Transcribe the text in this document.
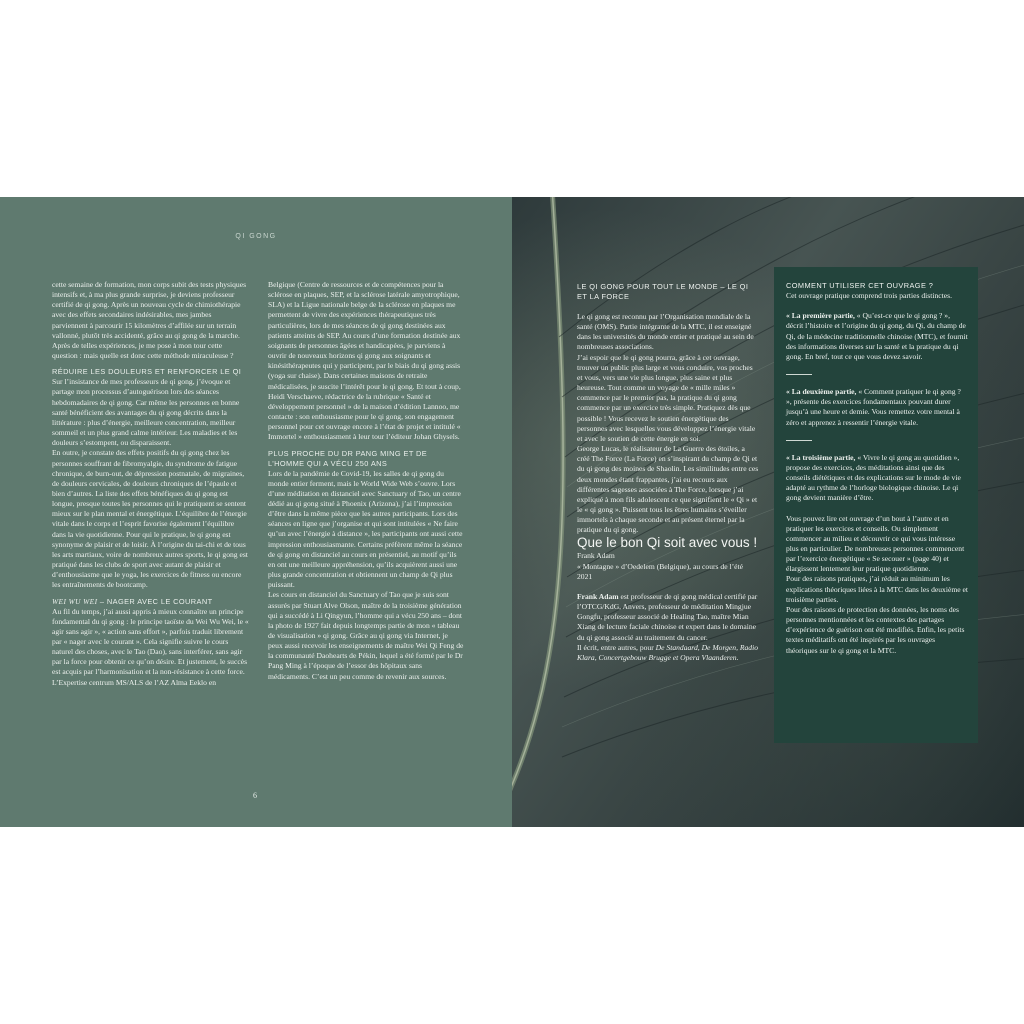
QI GONG

cette semaine de formation, mon corps subit des tests physiques intensifs et, à ma plus grande surprise, je deviens professeur certifié de qi gong. Après un nouveau cycle de chimiothérapie avec des effets secondaires indésirables, mes jambes parviennent à parcourir 15 kilomètres d’affilée sur un terrain vallonné, plutôt très accidenté, grâce au qi gong de la marche. Après de telles expériences, je me pose à mon tour cette question : mais quelle est donc cette méthode miraculeuse ?

RÉDUIRE LES DOULEURS ET RENFORCER LE QI

Sur l’insistance de mes professeurs de qi gong, j’évoque et partage mon processus d’autoguérison lors des séances hebdomadaires de qi gong. Car même les personnes en bonne santé bénéficient des avantages du qi gong décrits dans la littérature : plus d’énergie, meilleure concentration, meilleur sommeil et un plus grand calme intérieur. Les maladies et les douleurs s’estompent, ou disparaissent.

En outre, je constate des effets positifs du qi gong chez les personnes souffrant de fibromyalgie, du syndrome de fatigue chronique, de burn-out, de dépression postnatale, de migraines, de douleurs cervicales, de douleurs chroniques de l’épaule et bien d’autres. La liste des effets bénéfiques du qi gong est longue, presque toutes les personnes qui le pratiquent se sentent mieux sur le plan mental et énergétique. L’équilibre de l’énergie vitale dans le corps et l’esprit favorise également l’équilibre dans la vie quotidienne. Pour qui le pratique, le qi gong est synonyme de plaisir et de loisir. À l’origine du tai-chi et de tous les arts martiaux, voire de nombreux autres sports, le qi gong est pratiqué dans les clubs de sport avec autant de plaisir et d’enthousiasme que le yoga, les exercices de fitness ou encore les entraînements de bootcamp.

WEI WU WEI – NAGER AVEC LE COURANT

Au fil du temps, j’ai aussi appris à mieux connaître un principe fondamental du qi gong : le principe taoïste du Wei Wu Wei, le « agir sans agir », « action sans effort », parfois traduit librement par « nager avec le courant ». Cela signifie suivre le cours naturel des choses, avec le Tao (Dao), sans interférer, sans agir par la force pour obtenir ce qu’on désire. Et justement, le succès est acquis par l’harmonisation et la non-résistance à cette force. L’Expertise centrum MS/ALS de l’AZ Alma Eeklo en

Belgique (Centre de ressources et de compétences pour la sclérose en plaques, SEP, et la sclérose latérale amyotrophique, SLA) et la Ligue nationale belge de la sclérose en plaques me permettent de vivre des expériences thérapeutiques très particulières, lors de mes séances de qi gong destinées aux patients atteints de SEP. Au cours d’une formation destinée aux soignants de personnes âgées et handicapées, je parviens à ouvrir de nouveaux horizons qi gong aux soignants et kinésithérapeutes qui y participent, par le biais du qi gong assis (yoga sur chaise). Dans certaines maisons de retraite médicalisées, je suscite l’intérêt pour le qi gong. Et tout à coup, Heidi Verschaeve, rédactrice de la rubrique « Santé et développement personnel » de la maison d’édition Lannoo, me contacte : son enthousiasme pour le qi gong, son engagement personnel pour cet ouvrage encore à l’état de projet et intitulé « Immortel » enthousiasment à leur tour l’éditeur Johan Ghysels.

PLUS PROCHE DU DR PANG MING ET DE L’HOMME QUI A VÉCU 250 ANS

Lors de la pandémie de Covid-19, les salles de qi gong du monde entier ferment, mais le World Wide Web s’ouvre. Lors d’une méditation en distanciel avec Sanctuary of Tao, un centre dédié au qi gong situé à Phoenix (Arizona), j’ai l’impression d’être dans la même pièce que les autres participants. Lors des séances en ligne que j’organise et qui sont intitulées « Ne faire qu’un avec l’énergie à distance », les participants ont aussi cette impression enthousiasmante. Certains préfèrent même la séance de qi gong en distanciel au cours en présentiel, au motif qu’ils en ont une meilleure appréhension, qu’ils acquièrent aussi une plus grande concentration et obtiennent un champ de Qi plus puissant.

Les cours en distanciel du Sanctuary of Tao que je suis sont assurés par Stuart Alve Olson, maître de la troisième génération qui a succédé à Li Qingyun, l’homme qui a vécu 250 ans – dont la photo de 1927 fait depuis longtemps partie de mon « tableau de visualisation » qi gong. Grâce au qi gong via Internet, je peux aussi recevoir les enseignements de maître Wei Qi Feng de la communauté Daohearts de Pékin, lequel a été formé par le Dr Pang Ming à l’époque de l’essor des hôpitaux sans médicaments. C’est un peu comme de revenir aux sources.

6

LE QI GONG POUR TOUT LE MONDE – LE QI ET LA FORCE

Le qi gong est reconnu par l’Organisation mondiale de la santé (OMS). Partie intégrante de la MTC, il est enseigné dans les universités du monde entier et pratiqué au sein de nombreuses associations.

J’ai espoir que le qi gong pourra, grâce à cet ouvrage, trouver un public plus large et vous conduire, vos proches et vous, vers une vie plus longue, plus saine et plus heureuse. Tout comme un voyage de « mille miles » commence par le premier pas, la pratique du qi gong commence par un exercice très simple. Pratiquez dès que possible ! Vous recevez le soutien énergétique des personnes avec lesquelles vous développez l’énergie vitale et avec le soutien de cette énergie en soi.

George Lucas, le réalisateur de La Guerre des étoiles, a créé The Force (La Force) en s’inspirant du champ de Qi et du qi gong des moines de Shaolin. Les similitudes entre ces deux mondes étant frappantes, j’ai eu recours aux différentes sagesses associées à The Force, lorsque j’ai expliqué à mon fils adolescent ce que signifient le « Qi » et le « qi gong ». Puissent tous les êtres humains s’éveiller immortels à chaque seconde et au présent éternel par la pratique du qi gong.

Que le bon Qi soit avec vous !

Frank Adam

« Montagne » d’Oedelem (Belgique), au cours de l’été 2021

Frank Adam est professeur de qi gong médical certifié par l’OTCG/KdG, Anvers, professeur de méditation Mingjue Gongfu, professeur associé de Healing Tao, maître Mian Xiang de lecture faciale chinoise et expert dans le domaine du qi gong associé au traitement du cancer.

Il écrit, entre autres, pour De Standaard, De Morgen, Radio Klara, Concertgebouw Brugge et Opera Vlaanderen.

COMMENT UTILISER CET OUVRAGE ?

Cet ouvrage pratique comprend trois parties distinctes.

« La première partie, « Qu’est-ce que le qi gong ? », décrit l’histoire et l’origine du qi gong, du Qi, du champ de Qi, de la médecine traditionnelle chinoise (MTC), et fournit des informations diverses sur la santé et la pratique du qi gong. En bref, tout ce que vous devez savoir.

« La deuxième partie, « Comment pratiquer le qi gong ? », présente des exercices fondamentaux pouvant durer jusqu’à une heure et demie. Vous remettez votre mental à zéro et apprenez à ressentir l’énergie vitale.

« La troisième partie, « Vivre le qi gong au quotidien », propose des exercices, des méditations ainsi que des conseils diététiques et des explications sur le mode de vie adapté au rythme de l’horloge biologique chinoise. Le qi gong devient manière d’être.

Vous pouvez lire cet ouvrage d’un bout à l’autre et en pratiquer les exercices et conseils. Ou simplement commencer au milieu et découvrir ce qui vous intéresse plus en particulier. De nombreuses personnes commencent par l’exercice énergétique « Se secouer » (page 40) et élargissent lentement leur pratique quotidienne.

Pour des raisons pratiques, j’ai réduit au minimum les explications théoriques liées à la MTC dans les deuxième et troisième parties.

Pour des raisons de protection des données, les noms des personnes mentionnées et les contextes des partages d’expérience de guérison ont été modifiés. Enfin, les petits textes méditatifs ont été inspirés par les ouvrages théoriques sur le qi gong et la MTC.
